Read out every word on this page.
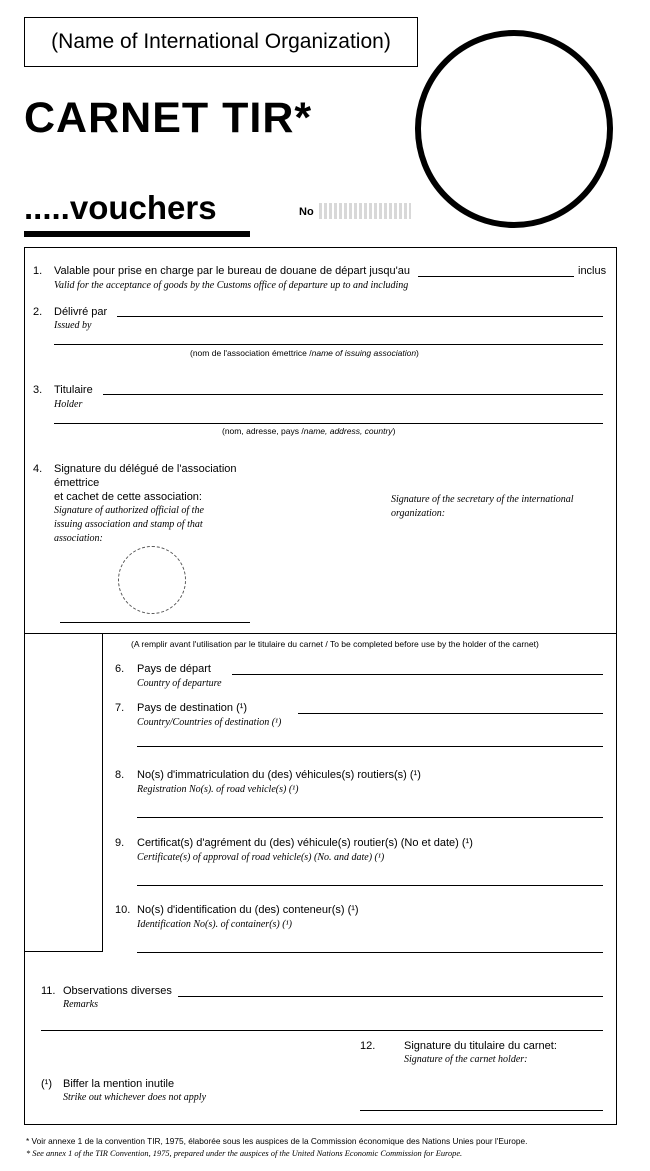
(Name of International Organization)
CARNET TIR*
.....vouchers	No
1. Valable pour prise en charge par le bureau de douane de départ jusqu'au	inclus
Valid for the acceptance of goods by the Customs office of departure up to and including
2. Délivré par
Issued by
(nom de l'association émettrice /name of issuing association)
3. Titulaire
Holder
(nom, adresse, pays /name, address, country)
4. Signature du délégué de l'association
émettrice
et cachet de cette association:
Signature of authorized official of the
issuing association and stamp of that
association:
Signature of the secretary of the international
organization:
(A remplir avant l'utilisation par le titulaire du carnet / To be completed before use by the holder of the carnet)
6. Pays de départ
Country of departure
7. Pays de destination (¹)
Country/Countries of destination (¹)
8. No(s) d'immatriculation du (des) véhicules(s) routiers(s) (¹)
Registration No(s). of road vehicle(s) (¹)
9. Certificat(s) d'agrément du (des) véhicule(s) routier(s) (No et date) (¹)
Certificate(s) of approval of road vehicle(s) (No. and date) (¹)
10. No(s) d'identification du (des) conteneur(s) (¹)
Identification No(s). of container(s) (¹)
11. Observations diverses
Remarks
12.	Signature du titulaire du carnet:
Signature of the carnet holder:
(¹) Biffer la mention inutile
Strike out whichever does not apply
* Voir annexe 1 de la convention TIR, 1975, élaborée sous les auspices de la Commission économique des Nations Unies pour l'Europe.
* See annex 1 of the TIR Convention, 1975, prepared under the auspices of the United Nations Economic Commission for Europe.
